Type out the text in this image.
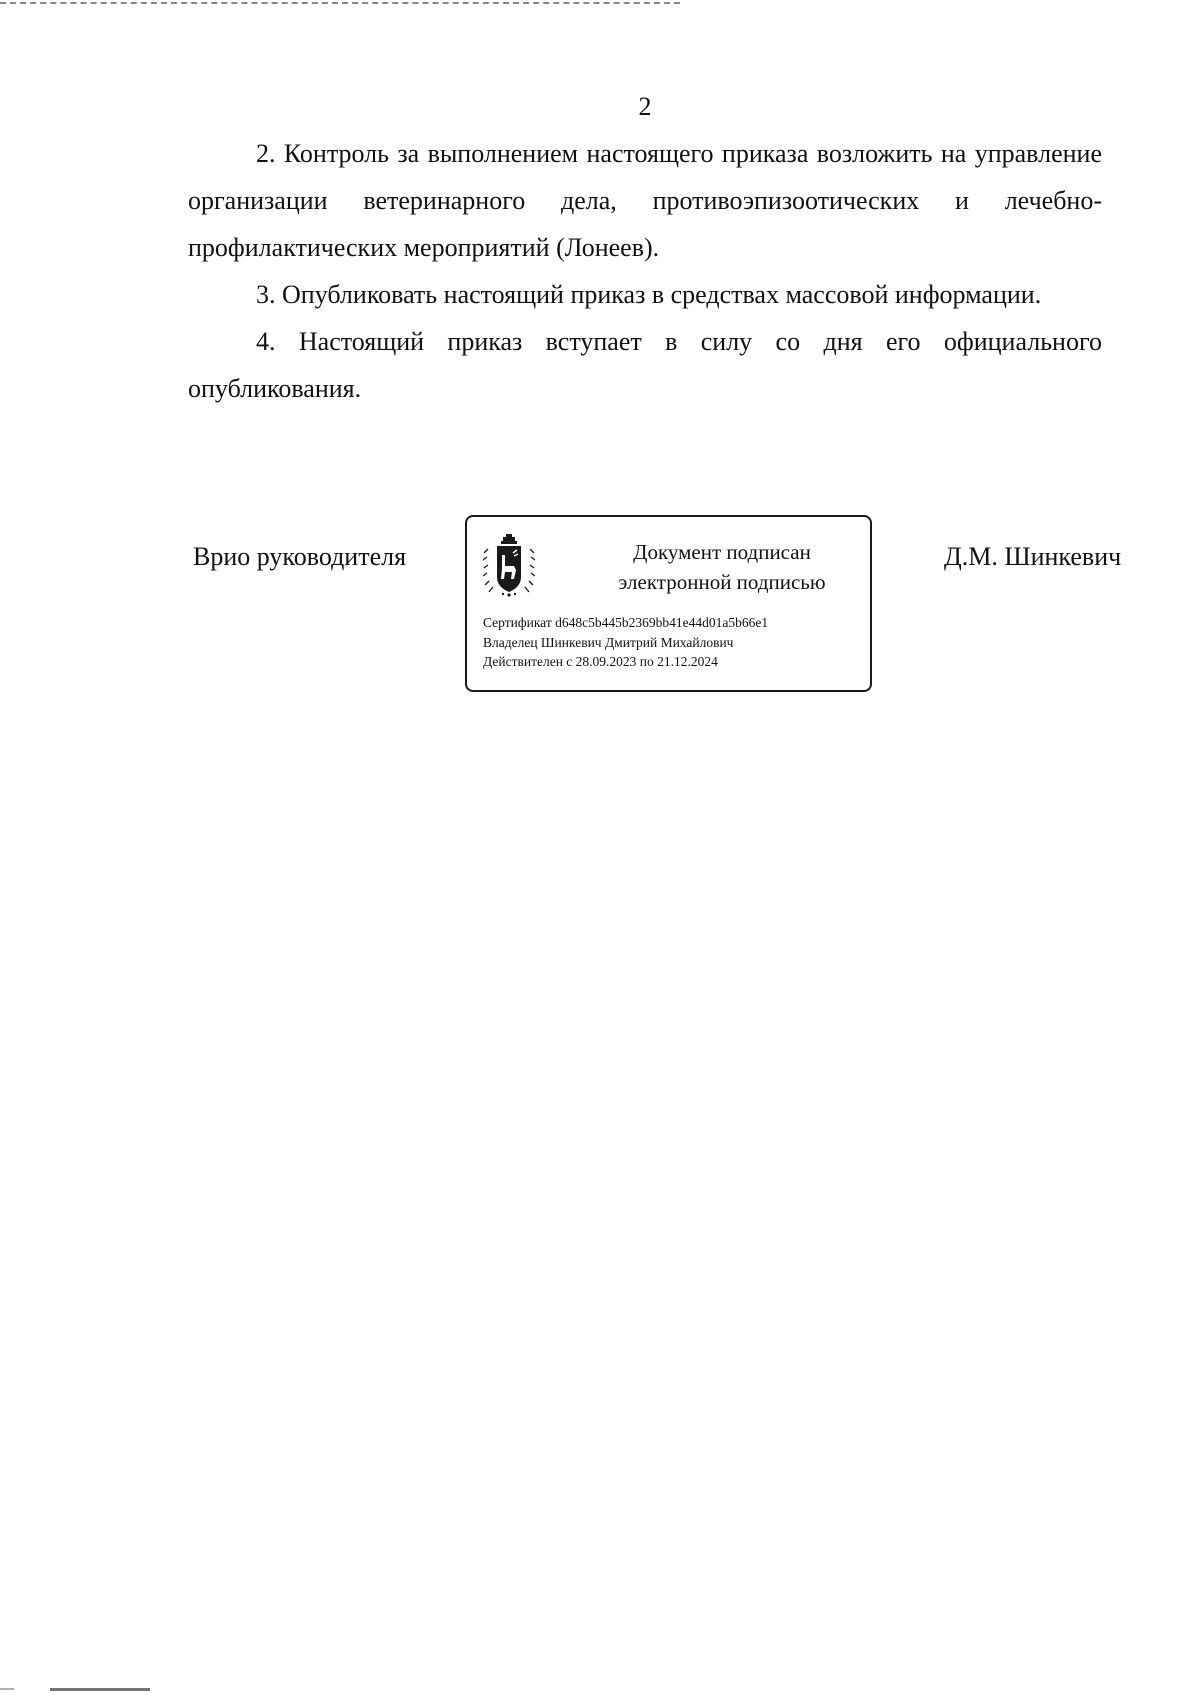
2

2. Контроль за выполнением настоящего приказа возложить на управление организации ветеринарного дела, противоэпизоотических и лечебно-профилактических мероприятий (Лонеев).

3. Опубликовать настоящий приказ в средствах массовой информации.

4. Настоящий приказ вступает в силу со дня его официального опубликования.

Врио руководителя	Документ подписан
электронной подписью
Сертификат d648c5b445b2369bb41e44d01a5b66e1
Владелец Шинкевич Дмитрий Михайлович
Действителен с 28.09.2023 по 21.12.2024
Д.М. Шинкевич
